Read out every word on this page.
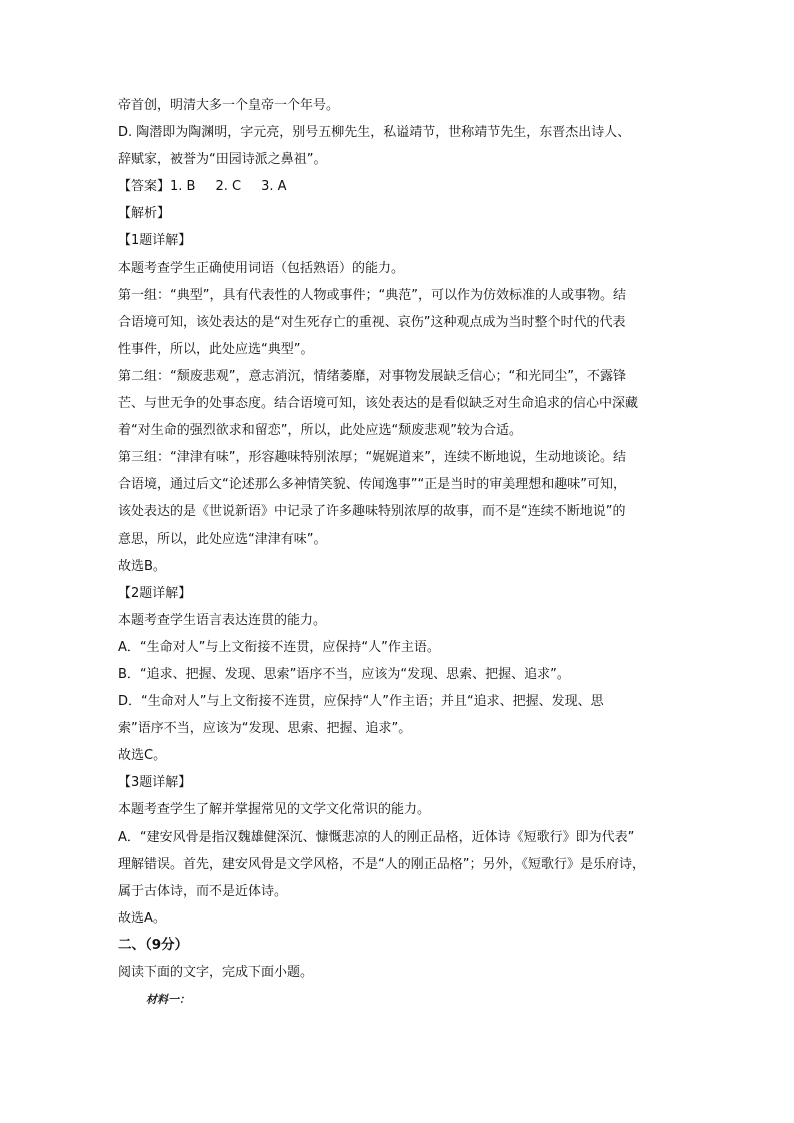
帝首创，明清大多一个皇帝一个年号。
D. 陶潜即为陶渊明，字元亮，别号五柳先生，私谥靖节，世称靖节先生，东晋杰出诗人、
辞赋家，被誉为“田园诗派之鼻祖”。
【答案】1. B 2. C 3. A
【解析】
【1题详解】
本题考查学生正确使用词语（包括熟语）的能力。
第一组：“典型”，具有代表性的人物或事件；“典范”，可以作为仿效标准的人或事物。结
合语境可知，该处表达的是“对生死存亡的重视、哀伤”这种观点成为当时整个时代的代表
性事件，所以，此处应选“典型”。
第二组：“颓废悲观”，意志消沉，情绪萎靡，对事物发展缺乏信心；“和光同尘”，不露锋
芒、与世无争的处事态度。结合语境可知，该处表达的是看似缺乏对生命追求的信心中深藏
着“对生命的强烈欲求和留恋”，所以，此处应选“颓废悲观”较为合适。
第三组：“津津有味”，形容趣味特别浓厚；“娓娓道来”，连续不断地说，生动地谈论。结
合语境，通过后文“论述那么多神情笑貌、传闻逸事”“正是当时的审美理想和趣味”可知，
该处表达的是《世说新语》中记录了许多趣味特别浓厚的故事，而不是“连续不断地说”的
意思，所以，此处应选“津津有味”。
故选B。
【2题详解】
本题考查学生语言表达连贯的能力。
A．“生命对人”与上文衔接不连贯，应保持“人”作主语。
B．“追求、把握、发现、思索”语序不当，应该为“发现、思索、把握、追求”。
D．“生命对人”与上文衔接不连贯，应保持“人”作主语；并且“追求、把握、发现、思
索”语序不当，应该为“发现、思索、把握、追求”。
故选C。
【3题详解】
本题考查学生了解并掌握常见的文学文化常识的能力。
A．“建安风骨是指汉魏雄健深沉、慷慨悲凉的人的刚正品格，近体诗《短歌行》即为代表”
理解错误。首先，建安风骨是文学风格，不是“人的刚正品格”；另外，《短歌行》是乐府诗，
属于古体诗，而不是近体诗。
故选A。
二、（9分）
阅读下面的文字，完成下面小题。
材料一：
